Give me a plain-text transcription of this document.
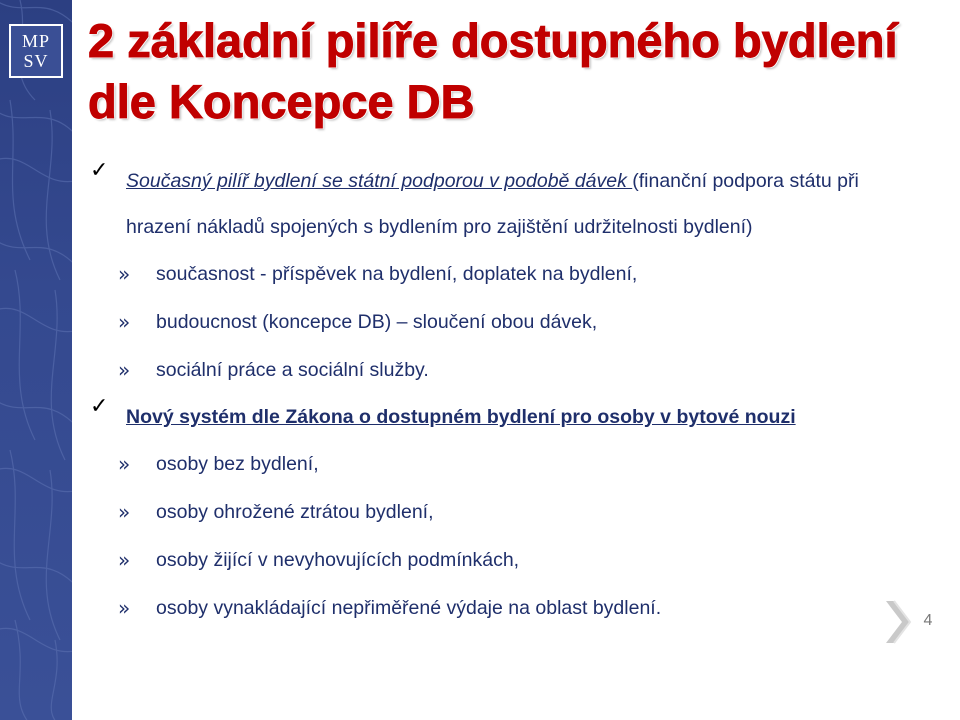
MP
SV 2 základní pilíře dostupného bydlení dle Koncepce DB
✓ Současný pilíř bydlení se státní podporou v podobě dávek (finanční podpora státu při hrazení nákladů spojených s bydlením pro zajištění udržitelnosti bydlení)
» současnost - příspěvek na bydlení, doplatek na bydlení,
» budoucnost (koncepce DB) – sloučení obou dávek,
» sociální práce a sociální služby.
✓ Nový systém dle Zákona o dostupném bydlení pro osoby v bytové nouzi
» osoby bez bydlení,
» osoby ohrožené ztrátou bydlení,
» osoby žijící v nevyhovujících podmínkách,
» osoby vynakládající nepřiměřené výdaje na oblast bydlení.
4
